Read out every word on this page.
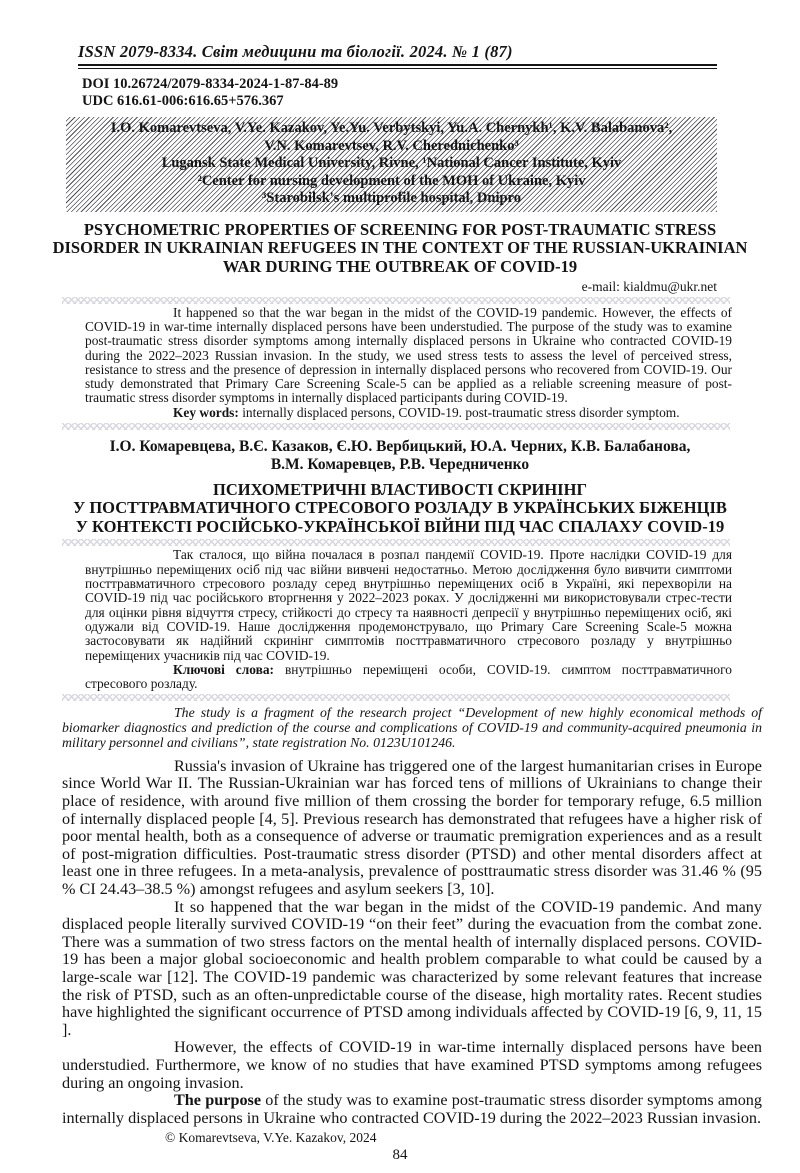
ISSN 2079-8334. Світ медицини та біології. 2024. № 1 (87)
DOI 10.26724/2079-8334-2024-1-87-84-89
UDC 616.61-006:616.65+576.367
I.O. Komarevtseva, V.Ye. Kazakov, Ye.Yu. Verbytskyi, Yu.A. Chernykh¹, K.V. Balabanova²,
V.N. Komarevtsev, R.V. Cherednichenko³
Lugansk State Medical University, Rivne, ¹National Cancer Institute, Kyiv
²Center for nursing development of the MOH of Ukraine, Kyiv
³Starobilsk's multiprofile hospital, Dnipro
PSYCHOMETRIC PROPERTIES OF SCREENING FOR POST-TRAUMATIC STRESS
DISORDER IN UKRAINIAN REFUGEES IN THE CONTEXT OF THE RUSSIAN-UKRAINIAN
WAR DURING THE OUTBREAK OF COVID-19
e-mail: kialdmu@ukr.net

It happened so that the war began in the midst of the COVID-19 pandemic. However, the effects of COVID-19 in war-time internally displaced persons have been understudied. The purpose of the study was to examine post-traumatic stress disorder symptoms among internally displaced persons in Ukraine who contracted COVID-19 during the 2022–2023 Russian invasion. In the study, we used stress tests to assess the level of perceived stress, resistance to stress and the presence of depression in internally displaced persons who recovered from COVID-19. Our study demonstrated that Primary Care Screening Scale-5 can be applied as a reliable screening measure of post-traumatic stress disorder symptoms in internally displaced participants during COVID-19.

Key words: internally displaced persons, COVID-19. post-traumatic stress disorder symptom.

І.О. Комаревцева, В.Є. Казаков, Є.Ю. Вербицький, Ю.А. Черних, К.В. Балабанова,
В.М. Комаревцев, Р.В. Чередниченко
ПСИХОМЕТРИЧНІ ВЛАСТИВОСТІ СКРИНІНГ
У ПОСТТРАВМАТИЧНОГО СТРЕСОВОГО РОЗЛАДУ В УКРАЇНСЬКИХ БІЖЕНЦІВ
У КОНТЕКСТІ РОСІЙСЬКО-УКРАЇНСЬКОЇ ВІЙНИ ПІД ЧАС СПАЛАХУ COVID-19

Так сталося, що війна почалася в розпал пандемії COVID-19. Проте наслідки COVID-19 для внутрішньо переміщених осіб під час війни вивчені недостатньо. Метою дослідження було вивчити симптоми посттравматичного стресового розладу серед внутрішньо переміщених осіб в Україні, які перехворіли на COVID-19 під час російського вторгнення у 2022–2023 роках. У дослідженні ми використовували стрес-тести для оцінки рівня відчуття стресу, стійкості до стресу та наявності депресії у внутрішньо переміщених осіб, які одужали від COVID-19. Наше дослідження продемонструвало, що Primary Care Screening Scale-5 можна застосовувати як надійний скринінг симптомів посттравматичного стресового розладу у внутрішньо переміщених учасників під час COVID-19.

Ключові слова: внутрішньо переміщені особи, COVID-19. симптом посттравматичного стресового розладу.

The study is a fragment of the research project “Development of new highly economical methods of biomarker diagnostics and prediction of the course and complications of COVID-19 and community-acquired pneumonia in military personnel and civilians”, state registration No. 0123U101246.

Russia's invasion of Ukraine has triggered one of the largest humanitarian crises in Europe since World War II. The Russian-Ukrainian war has forced tens of millions of Ukrainians to change their place of residence, with around five million of them crossing the border for temporary refuge, 6.5 million of internally displaced people [4, 5]. Previous research has demonstrated that refugees have a higher risk of poor mental health, both as a consequence of adverse or traumatic premigration experiences and as a result of post-migration difficulties. Post-traumatic stress disorder (PTSD) and other mental disorders affect at least one in three refugees. In a meta-analysis, prevalence of posttraumatic stress disorder was 31.46 % (95 % CI 24.43–38.5 %) amongst refugees and asylum seekers [3, 10].

It so happened that the war began in the midst of the COVID-19 pandemic. And many displaced people literally survived COVID-19 “on their feet” during the evacuation from the combat zone. There was a summation of two stress factors on the mental health of internally displaced persons. COVID-19 has been a major global socioeconomic and health problem comparable to what could be caused by a large-scale war [12]. The COVID-19 pandemic was characterized by some relevant features that increase the risk of PTSD, such as an often-unpredictable course of the disease, high mortality rates. Recent studies have highlighted the significant occurrence of PTSD among individuals affected by COVID-19 [6, 9, 11, 15 ].

However, the effects of COVID-19 in war-time internally displaced persons have been understudied. Furthermore, we know of no studies that have examined PTSD symptoms among refugees during an ongoing invasion.

The purpose of the study was to examine post-traumatic stress disorder symptoms among internally displaced persons in Ukraine who contracted COVID-19 during the 2022–2023 Russian invasion.

© Komarevtseva, V.Ye. Kazakov, 2024
84
